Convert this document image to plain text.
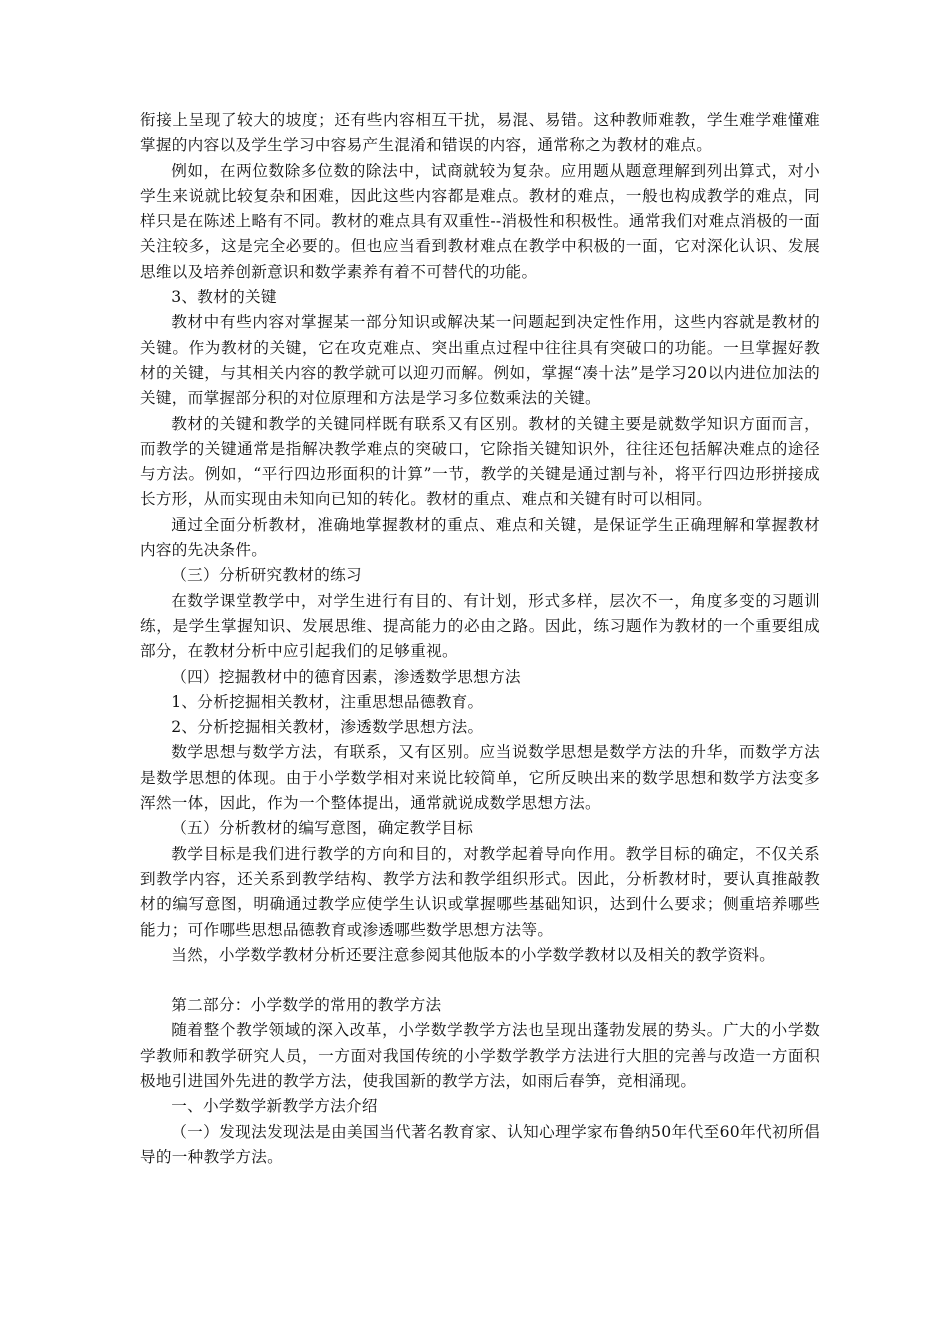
衔接上呈现了较大的坡度；还有些内容相互干扰，易混、易错。这种教师难教，学生难学难懂难掌握的内容以及学生学习中容易产生混淆和错误的内容，通常称之为教材的难点。

例如，在两位数除多位数的除法中，试商就较为复杂。应用题从题意理解到列出算式，对小学生来说就比较复杂和困难，因此这些内容都是难点。教材的难点，一般也构成教学的难点，同样只是在陈述上略有不同。教材的难点具有双重性--消极性和积极性。通常我们对难点消极的一面关注较多，这是完全必要的。但也应当看到教材难点在教学中积极的一面，它对深化认识、发展思维以及培养创新意识和数学素养有着不可替代的功能。

3、教材的关键

教材中有些内容对掌握某一部分知识或解决某一问题起到决定性作用，这些内容就是教材的关键。作为教材的关键，它在攻克难点、突出重点过程中往往具有突破口的功能。一旦掌握好教材的关键，与其相关内容的教学就可以迎刃而解。例如，掌握“凑十法”是学习20以内进位加法的关键，而掌握部分积的对位原理和方法是学习多位数乘法的关键。

教材的关键和教学的关键同样既有联系又有区别。教材的关键主要是就数学知识方面而言，而教学的关键通常是指解决教学难点的突破口，它除指关键知识外，往往还包括解决难点的途径与方法。例如，“平行四边形面积的计算”一节，教学的关键是通过割与补，将平行四边形拼接成长方形，从而实现由未知向已知的转化。教材的重点、难点和关键有时可以相同。

通过全面分析教材，准确地掌握教材的重点、难点和关键，是保证学生正确理解和掌握教材内容的先决条件。

（三）分析研究教材的练习

在数学课堂教学中，对学生进行有目的、有计划，形式多样，层次不一，角度多变的习题训练，是学生掌握知识、发展思维、提高能力的必由之路。因此，练习题作为教材的一个重要组成部分，在教材分析中应引起我们的足够重视。

（四）挖掘教材中的德育因素，渗透数学思想方法

1、分析挖掘相关教材，注重思想品德教育。

2、分析挖掘相关教材，渗透数学思想方法。

数学思想与数学方法，有联系，又有区别。应当说数学思想是数学方法的升华，而数学方法是数学思想的体现。由于小学数学相对来说比较简单，它所反映出来的数学思想和数学方法变多浑然一体，因此，作为一个整体提出，通常就说成数学思想方法。

（五）分析教材的编写意图，确定教学目标

教学目标是我们进行教学的方向和目的，对教学起着导向作用。教学目标的确定，不仅关系到教学内容，还关系到教学结构、教学方法和教学组织形式。因此，分析教材时，要认真推敲教材的编写意图，明确通过教学应使学生认识或掌握哪些基础知识，达到什么要求；侧重培养哪些能力；可作哪些思想品德教育或渗透哪些数学思想方法等。

当然，小学数学教材分析还要注意参阅其他版本的小学数学教材以及相关的教学资料。

第二部分：小学数学的常用的教学方法

随着整个教学领域的深入改革，小学数学教学方法也呈现出蓬勃发展的势头。广大的小学数学教师和教学研究人员，一方面对我国传统的小学数学教学方法进行大胆的完善与改造一方面积极地引进国外先进的教学方法，使我国新的教学方法，如雨后春笋，竞相涌现。

一、小学数学新教学方法介绍

（一）发现法发现法是由美国当代著名教育家、认知心理学家布鲁纳50年代至60年代初所倡导的一种教学方法。
